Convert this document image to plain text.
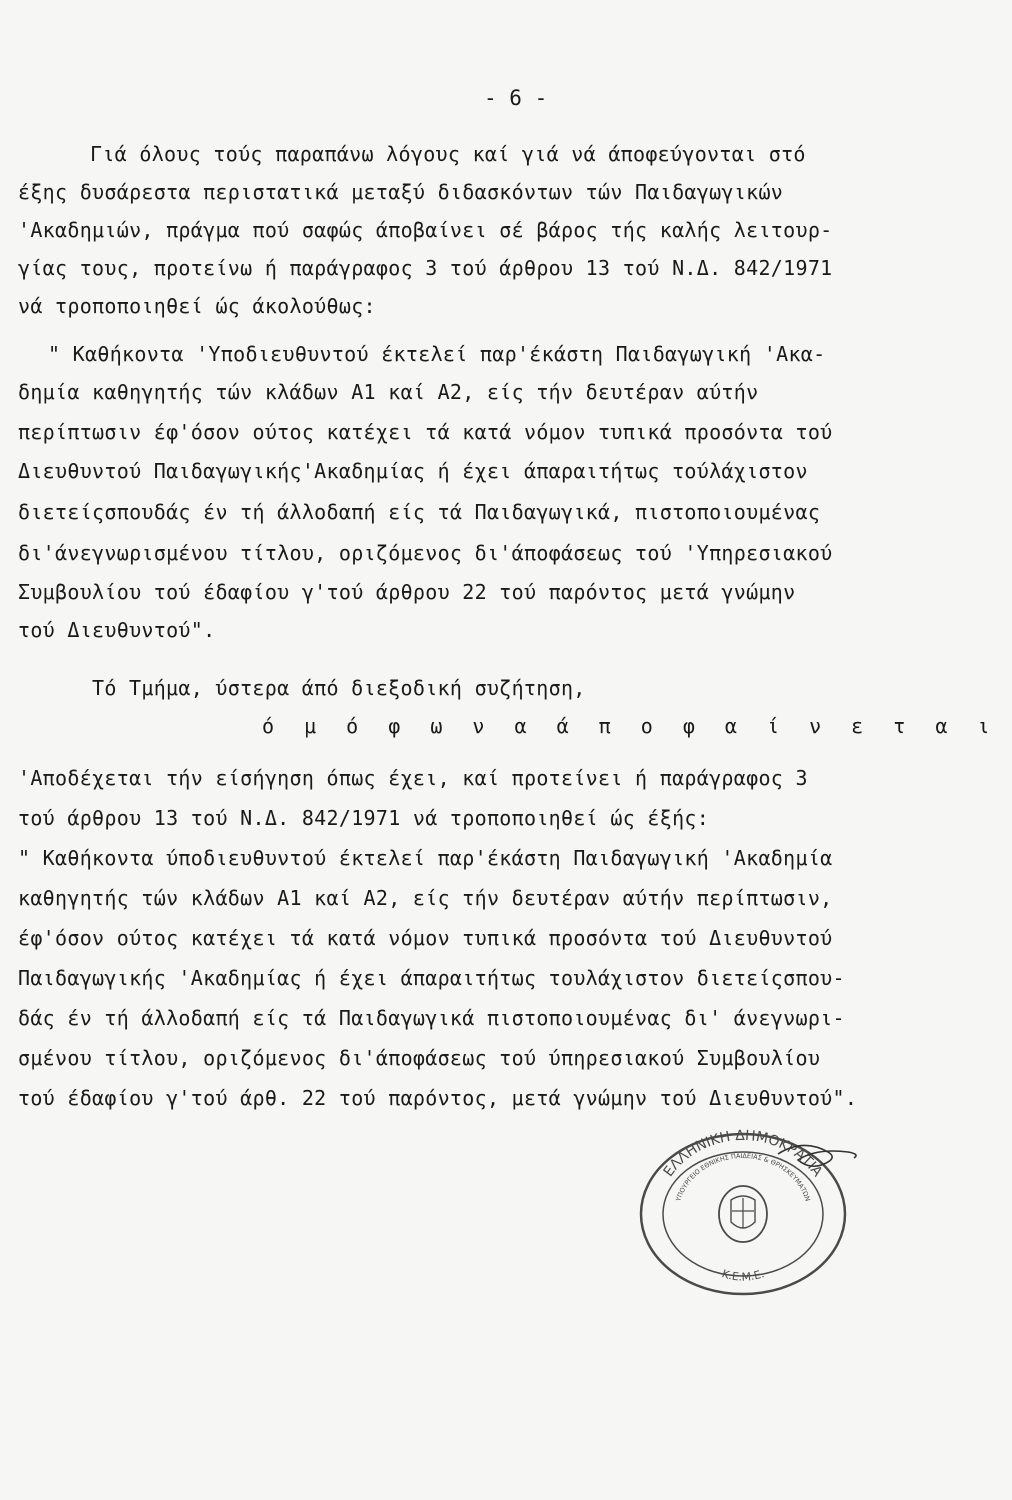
- 6 -
Γιά όλους τούς παραπάνω λόγους καί γιά νά άποφεύγονται στό
έξης δυσάρεστα περιστατικά μεταξύ διδασκόντων τών Παιδαγωγικών
'Ακαδημιών, πράγμα πού σαφώς άποβαίνει σέ βάρος τής καλής λειτουρ-
γίας τους, προτείνω ή παράγραφος 3 τού άρθρου 13 τού Ν.Δ. 842/1971
νά τροποποιηθεί ώς άκολούθως:
" Καθήκοντα 'Υποδιευθυντού έκτελεί παρ'έκάστη Παιδαγωγική 'Ακα-
δημία καθηγητής τών κλάδων Α1 καί Α2, είς τήν δευτέραν αύτήν
περίπτωσιν έφ'όσον ούτος κατέχει τά κατά νόμον τυπικά προσόντα τού
Διευθυντού Παιδαγωγικής'Ακαδημίας ή έχει άπαραιτήτως τούλάχιστον
διετείςσπουδάς έν τή άλλοδαπή είς τά Παιδαγωγικά, πιστοποιουμένας
δι'άνεγνωρισμένου τίτλου, οριζόμενος δι'άποφάσεως τού 'Υπηρεσιακού
Συμβουλίου τού έδαφίου γ'τού άρθρου 22 τού παρόντος μετά γνώμην
τού Διευθυντού".
Τό Τμήμα, ύστερα άπό διεξοδική συζήτηση,
ό μ ό φ ω ν α ά π ο φ α ί ν ε τ α ι
'Αποδέχεται τήν είσήγηση όπως έχει, καί προτείνει ή παράγραφος 3
τού άρθρου 13 τού Ν.Δ. 842/1971 νά τροποποιηθεί ώς έξής:
" Καθήκοντα ύποδιευθυντού έκτελεί παρ'έκάστη Παιδαγωγική 'Ακαδημία
καθηγητής τών κλάδων Α1 καί Α2, είς τήν δευτέραν αύτήν περίπτωσιν,
έφ'όσον ούτος κατέχει τά κατά νόμον τυπικά προσόντα τού Διευθυντού
Παιδαγωγικής 'Ακαδημίας ή έχει άπαραιτήτως τουλάχιστον διετείςσπου-
δάς έν τή άλλοδαπή είς τά Παιδαγωγικά πιστοποιουμένας δι' άνεγνωρι-
σμένου τίτλου, οριζόμενος δι'άποφάσεως τού ύπηρεσιακού Συμβουλίου
τού έδαφίου γ'τού άρθ. 22 τού παρόντος, μετά γνώμην τού Διευθυντού".
ΕΛΛΗΝΙΚΗ ΔΗΜΟΚΡΑΤΙΑ
ΥΠΟΥΡΓΕΙΟ ΕΘΝΙΚΗΣ ΠΑΙΔΕΙΑΣ & ΘΡΗΣΚΕΥΜΑΤΩΝ
Κ.Ε.Μ.Ε.
